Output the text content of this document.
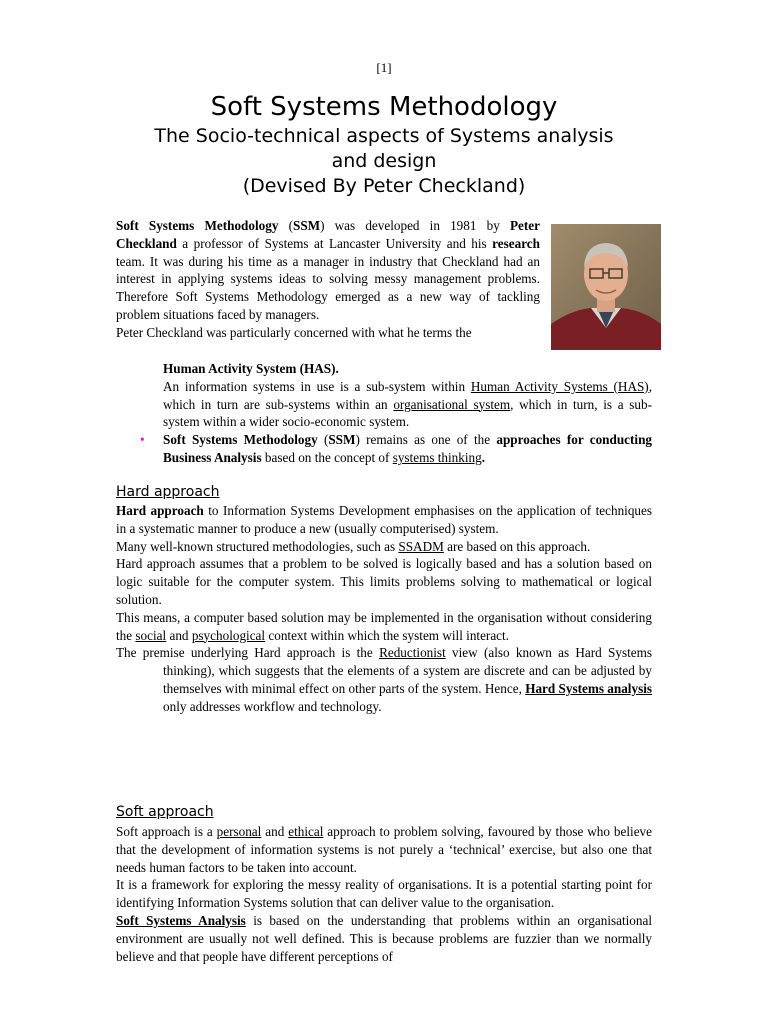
[1]
Soft Systems Methodology
The Socio-technical aspects of Systems analysis
and design
(Devised By Peter Checkland)
Soft Systems Methodology (SSM) was developed in 1981 by Peter Checkland a professor of Systems at Lancaster University and his research team. It was during his time as a manager in industry that Checkland had an interest in applying systems ideas to solving messy management problems. Therefore Soft Systems Methodology emerged as a new way of tackling problem situations faced by managers.
Peter Checkland was particularly concerned with what he terms the
Human Activity System (HAS).
An information systems in use is a sub-system within Human Activity Systems (HAS), which in turn are sub-systems within an organisational system, which in turn, is a sub-system within a wider socio-economic system.
• Soft Systems Methodology (SSM) remains as one of the approaches for conducting Business Analysis based on the concept of systems thinking.
Hard approach
Hard approach to Information Systems Development emphasises on the application of techniques in a systematic manner to produce a new (usually computerised) system.
Many well-known structured methodologies, such as SSADM are based on this approach.
Hard approach assumes that a problem to be solved is logically based and has a solution based on logic suitable for the computer system. This limits problems solving to mathematical or logical solution.
This means, a computer based solution may be implemented in the organisation without considering the social and psychological context within which the system will interact.
The premise underlying Hard approach is the Reductionist view (also known as Hard Systems thinking), which suggests that the elements of a system are discrete and can be adjusted by themselves with minimal effect on other parts of the system. Hence, Hard Systems analysis only addresses workflow and technology.
Soft approach
Soft approach is a personal and ethical approach to problem solving, favoured by those who believe that the development of information systems is not purely a ‘technical’ exercise, but also one that needs human factors to be taken into account.
It is a framework for exploring the messy reality of organisations. It is a potential starting point for identifying Information Systems solution that can deliver value to the organisation.
Soft Systems Analysis is based on the understanding that problems within an organisational environment are usually not well defined. This is because problems are fuzzier than we normally believe and that people have different perceptions of
